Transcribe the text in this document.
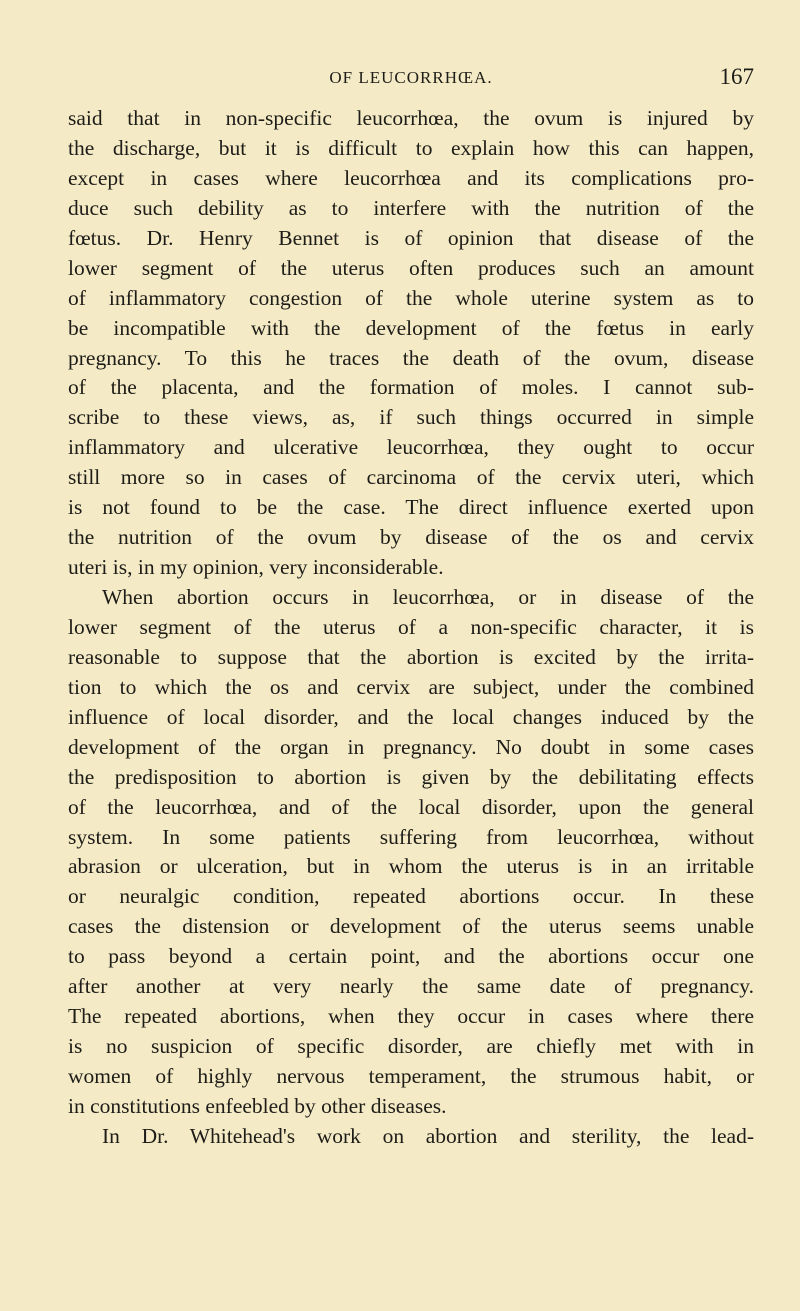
OF LEUCORRHŒA.	167
said that in non-specific leucorrhœa, the ovum is injured by
the discharge, but it is difficult to explain how this can happen,
except in cases where leucorrhœa and its complications pro-
duce such debility as to interfere with the nutrition of the
fœtus. Dr. Henry Bennet is of opinion that disease of the
lower segment of the uterus often produces such an amount
of inflammatory congestion of the whole uterine system as to
be incompatible with the development of the fœtus in early
pregnancy. To this he traces the death of the ovum, disease
of the placenta, and the formation of moles. I cannot sub-
scribe to these views, as, if such things occurred in simple
inflammatory and ulcerative leucorrhœa, they ought to occur
still more so in cases of carcinoma of the cervix uteri, which
is not found to be the case. The direct influence exerted upon
the nutrition of the ovum by disease of the os and cervix
uteri is, in my opinion, very inconsiderable.
When abortion occurs in leucorrhœa, or in disease of the
lower segment of the uterus of a non-specific character, it is
reasonable to suppose that the abortion is excited by the irrita-
tion to which the os and cervix are subject, under the combined
influence of local disorder, and the local changes induced by the
development of the organ in pregnancy. No doubt in some cases
the predisposition to abortion is given by the debilitating effects
of the leucorrhœa, and of the local disorder, upon the general
system. In some patients suffering from leucorrhœa, without
abrasion or ulceration, but in whom the uterus is in an irritable
or neuralgic condition, repeated abortions occur. In these
cases the distension or development of the uterus seems unable
to pass beyond a certain point, and the abortions occur one
after another at very nearly the same date of pregnancy.
The repeated abortions, when they occur in cases where there
is no suspicion of specific disorder, are chiefly met with in
women of highly nervous temperament, the strumous habit, or
in constitutions enfeebled by other diseases.
In Dr. Whitehead's work on abortion and sterility, the lead-
